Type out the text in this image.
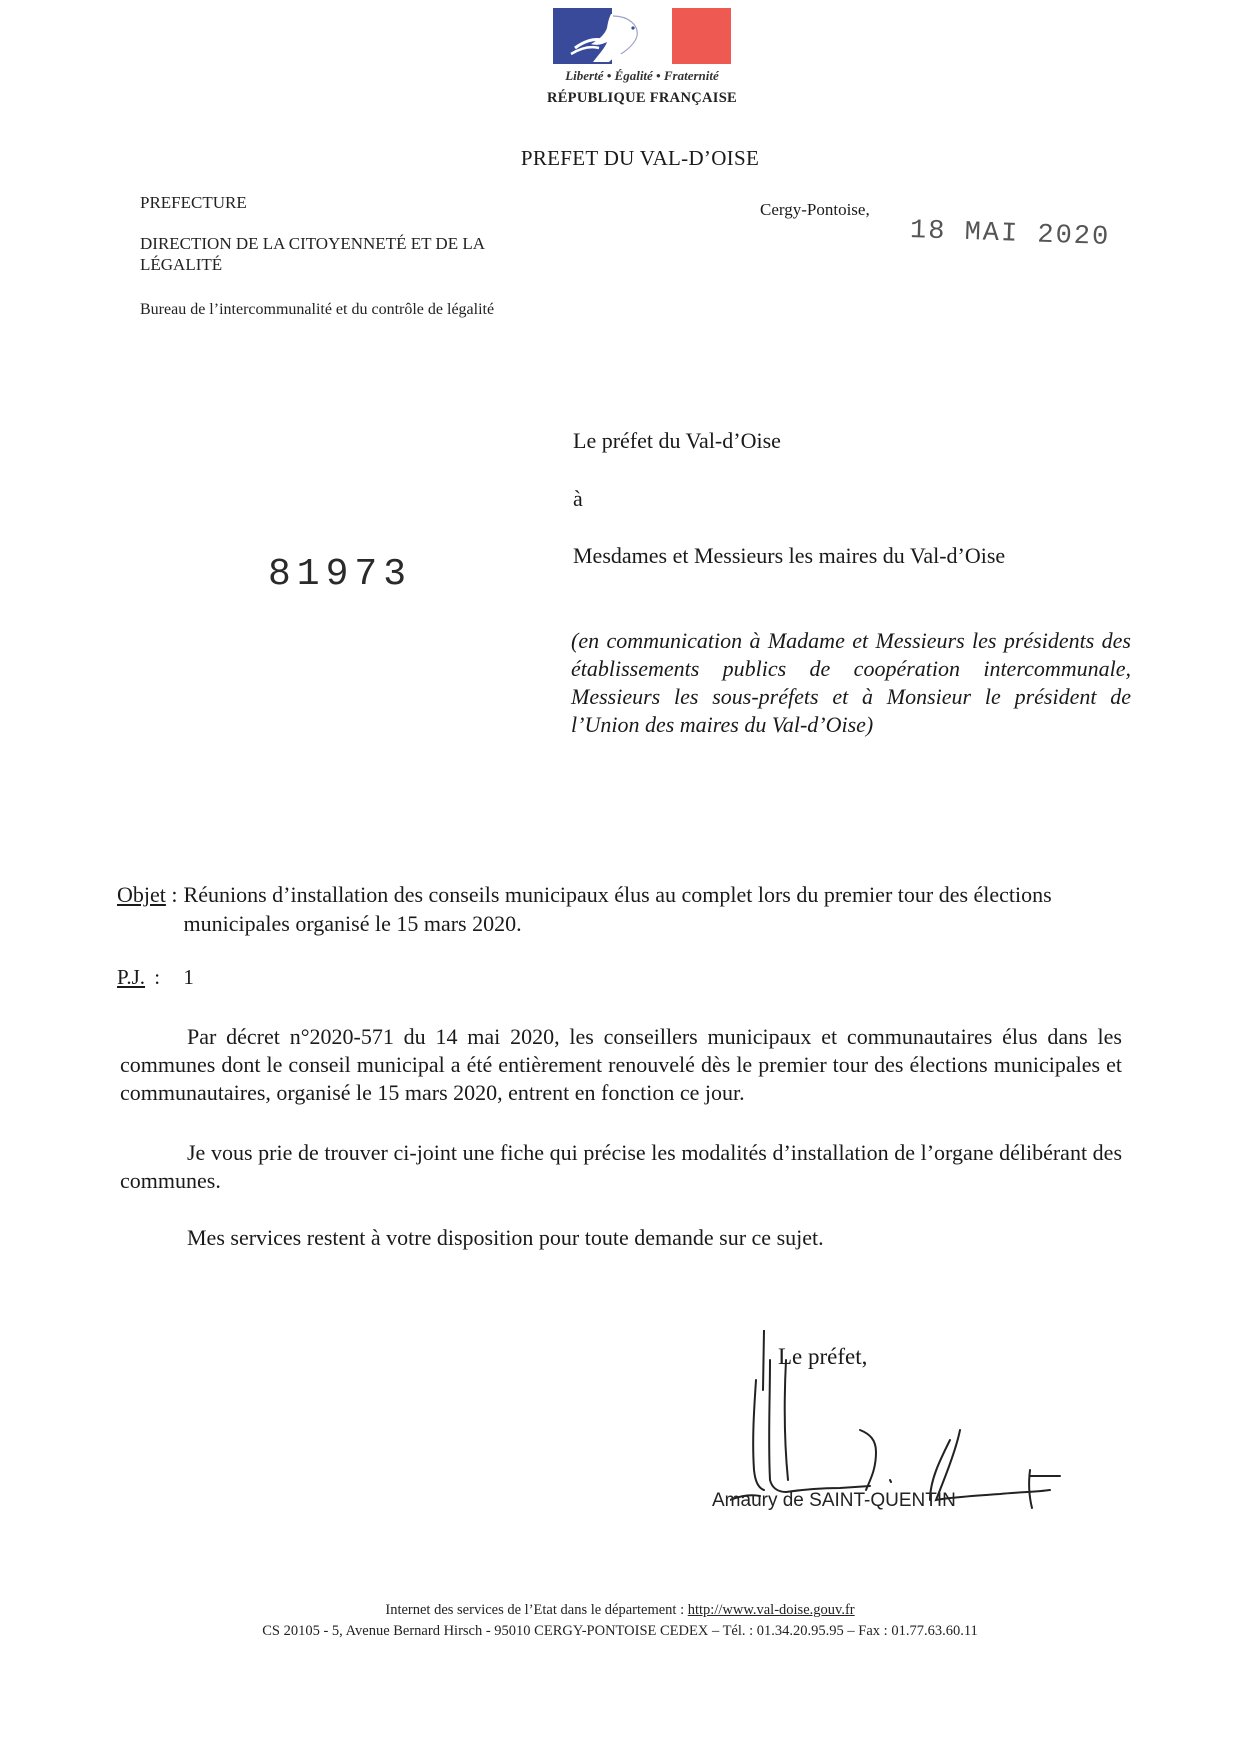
Liberté • Égalité • Fraternité
RÉPUBLIQUE FRANÇAISE
PREFET DU VAL-D’OISE
PREFECTURE
DIRECTION DE LA CITOYENNETÉ ET DE LA LÉGALITÉ
Bureau de l’intercommunalité et du contrôle de légalité
Cergy-Pontoise,
18 MAI 2020
Le préfet du Val-d’Oise
à
81973	Mesdames et Messieurs les maires du Val-d’Oise
(en communication à Madame et Messieurs les présidents des établissements publics de coopération intercommunale, Messieurs les sous-préfets et à Monsieur le président de l’Union des maires du Val-d’Oise)
Objet : Réunions d’installation des conseils municipaux élus au complet lors du premier tour des élections municipales organisé le 15 mars 2020.
P.J. : 1
Par décret n°2020-571 du 14 mai 2020, les conseillers municipaux et communautaires élus dans les communes dont le conseil municipal a été entièrement renouvelé dès le premier tour des élections municipales et communautaires, organisé le 15 mars 2020, entrent en fonction ce jour.
Je vous prie de trouver ci-joint une fiche qui précise les modalités d’installation de l’organe délibérant des communes.
Mes services restent à votre disposition pour toute demande sur ce sujet.
Le préfet,
Amaury de SAINT-QUENTIN
Internet des services de l’Etat dans le département : http://www.val-doise.gouv.fr
CS 20105 - 5, Avenue Bernard Hirsch - 95010 CERGY-PONTOISE CEDEX – Tél. : 01.34.20.95.95 – Fax : 01.77.63.60.11
